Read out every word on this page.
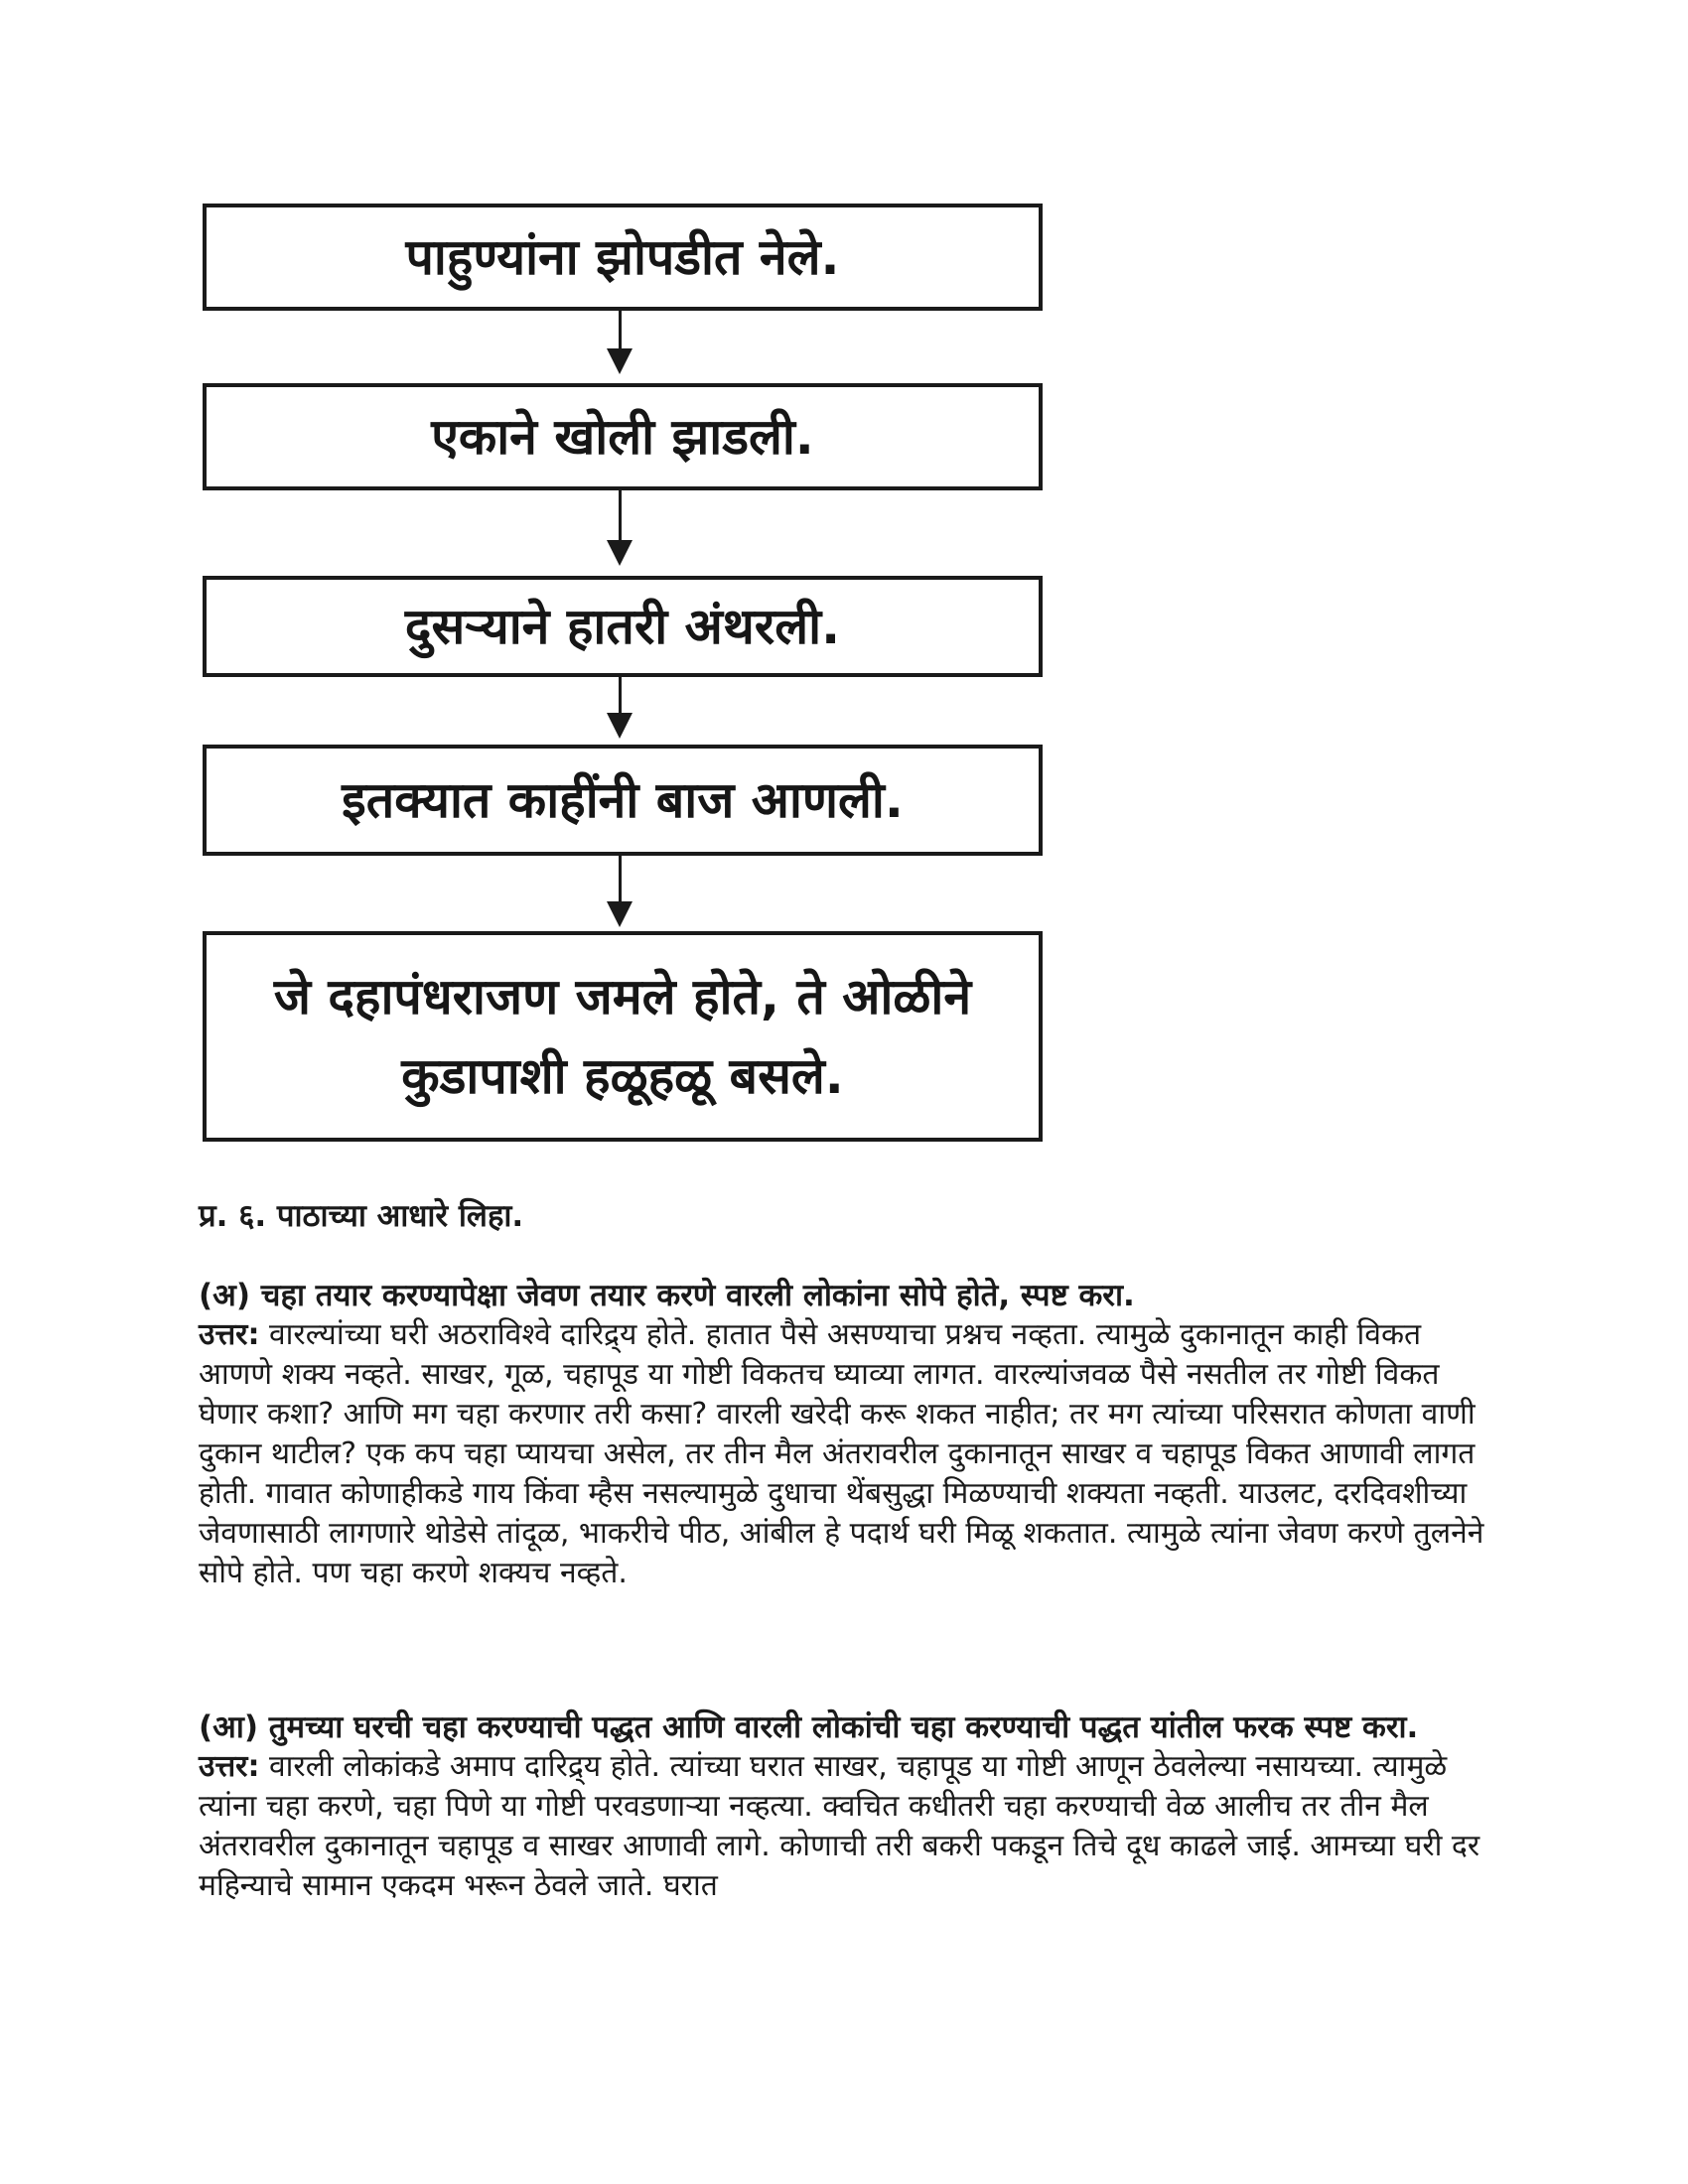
पाहुण्यांना झोपडीत नेले.
एकाने खोली झाडली.
दुसऱ्याने हातरी अंथरली.
इतक्यात काहींनी बाज आणली.
जे दहापंधराजण जमले होते, ते ओळीने
कुडापाशी हळूहळू बसले.
प्र. ६. पाठाच्या आधारे लिहा.
(अ) चहा तयार करण्यापेक्षा जेवण तयार करणे वारली लोकांना सोपे होते, स्पष्ट करा.
उत्तर: वारल्यांच्या घरी अठराविश्वे दारिद्र्य होते. हातात पैसे असण्याचा प्रश्नच नव्हता. त्यामुळे दुकानातून काही विकत आणणे शक्य नव्हते. साखर, गूळ, चहापूड या गोष्टी विकतच घ्याव्या लागत. वारल्यांजवळ पैसे नसतील तर गोष्टी विकत घेणार कशा? आणि मग चहा करणार तरी कसा? वारली खरेदी करू शकत नाहीत; तर मग त्यांच्या परिसरात कोणता वाणी दुकान थाटील? एक कप चहा प्यायचा असेल, तर तीन मैल अंतरावरील दुकानातून साखर व चहापूड विकत आणावी लागत होती. गावात कोणाहीकडे गाय किंवा म्हैस नसल्यामुळे दुधाचा थेंबसुद्धा मिळण्याची शक्यता नव्हती. याउलट, दरदिवशीच्या जेवणासाठी लागणारे थोडेसे तांदूळ, भाकरीचे पीठ, आंबील हे पदार्थ घरी मिळू शकतात. त्यामुळे त्यांना जेवण करणे तुलनेने सोपे होते. पण चहा करणे शक्यच नव्हते.
(आ) तुमच्या घरची चहा करण्याची पद्धत आणि वारली लोकांची चहा करण्याची पद्धत यांतील फरक स्पष्ट करा.
उत्तर: वारली लोकांकडे अमाप दारिद्र्य होते. त्यांच्या घरात साखर, चहापूड या गोष्टी आणून ठेवलेल्या नसायच्या. त्यामुळे त्यांना चहा करणे, चहा पिणे या गोष्टी परवडणाऱ्या नव्हत्या. क्वचित कधीतरी चहा करण्याची वेळ आलीच तर तीन मैल अंतरावरील दुकानातून चहापूड व साखर आणावी लागे. कोणाची तरी बकरी पकडून तिचे दूध काढले जाई. आमच्या घरी दर महिन्याचे सामान एकदम भरून ठेवले जाते. घरात
